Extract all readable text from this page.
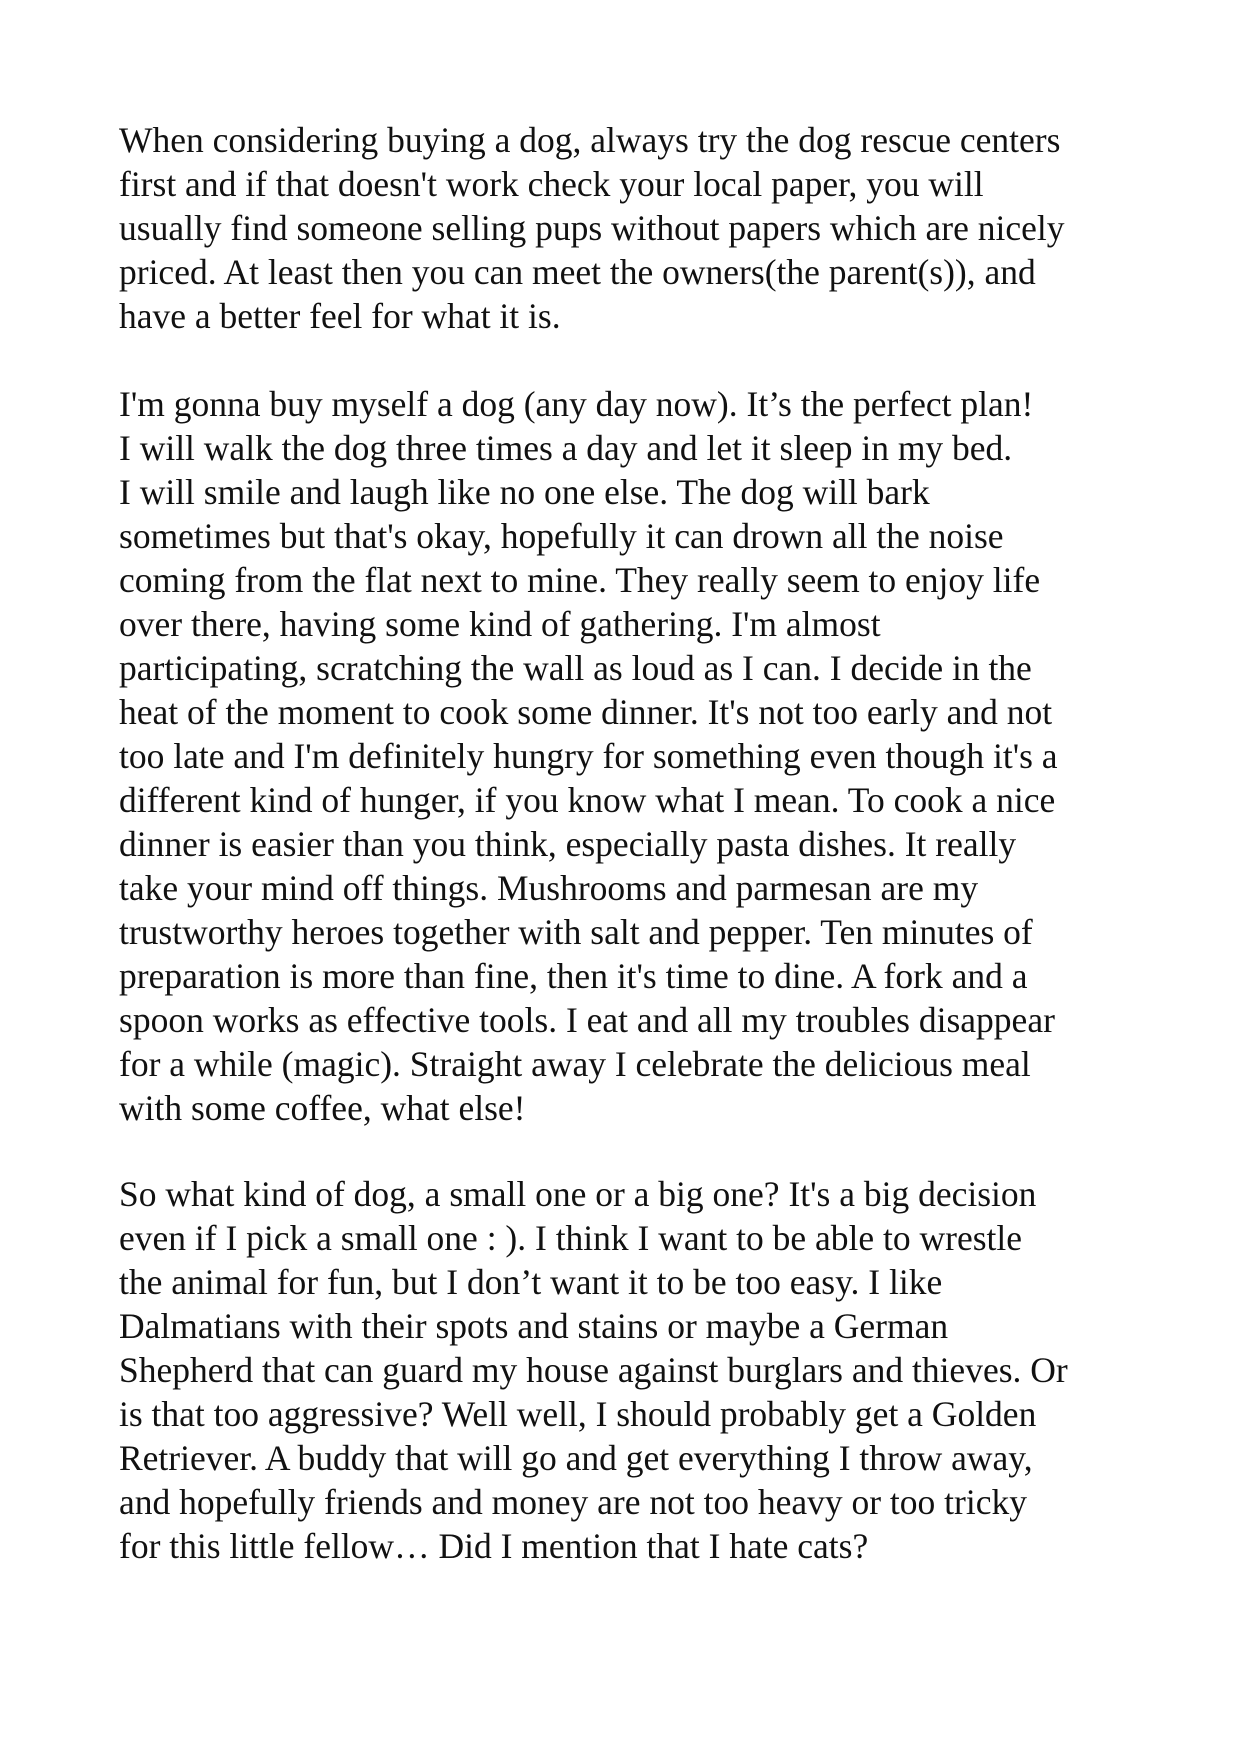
When considering buying a dog, always try the dog rescue centers
first and if that doesn't work check your local paper, you will
usually find someone selling pups without papers which are nicely
priced. At least then you can meet the owners(the parent(s)), and
have a better feel for what it is.

I'm gonna buy myself a dog (any day now). It’s the perfect plan!
I will walk the dog three times a day and let it sleep in my bed.
I will smile and laugh like no one else. The dog will bark
sometimes but that's okay, hopefully it can drown all the noise
coming from the flat next to mine. They really seem to enjoy life
over there, having some kind of gathering. I'm almost
participating, scratching the wall as loud as I can. I decide in the
heat of the moment to cook some dinner. It's not too early and not
too late and I'm definitely hungry for something even though it's a
different kind of hunger, if you know what I mean. To cook a nice
dinner is easier than you think, especially pasta dishes. It really
take your mind off things. Mushrooms and parmesan are my
trustworthy heroes together with salt and pepper. Ten minutes of
preparation is more than fine, then it's time to dine. A fork and a
spoon works as effective tools. I eat and all my troubles disappear
for a while (magic). Straight away I celebrate the delicious meal
with some coffee, what else!

So what kind of dog, a small one or a big one? It's a big decision
even if I pick a small one : ). I think I want to be able to wrestle
the animal for fun, but I don’t want it to be too easy. I like
Dalmatians with their spots and stains or maybe a German
Shepherd that can guard my house against burglars and thieves. Or
is that too aggressive? Well well, I should probably get a Golden
Retriever. A buddy that will go and get everything I throw away,
and hopefully friends and money are not too heavy or too tricky
for this little fellow… Did I mention that I hate cats?
